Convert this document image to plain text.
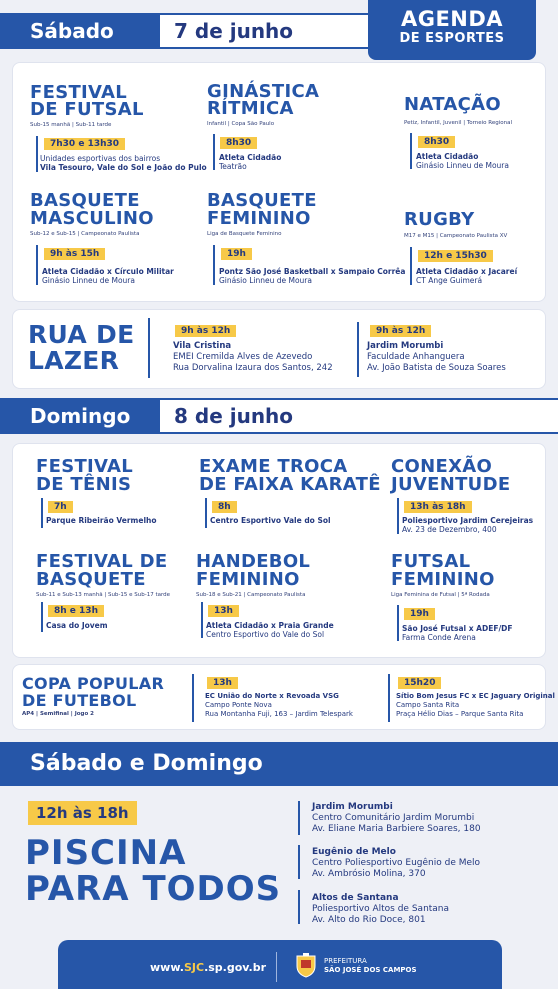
Sábado	7 de junho	AGENDA
DE ESPORTES
FESTIVAL
DE FUTSAL
Sub-15 manhã | Sub-11 tarde
7h30 e 13h30
Unidades esportivas dos bairros
Vila Tesouro, Vale do Sol e João do Pulo
GINÁSTICA
RÍTMICA
Infantil | Copa São Paulo
8h30
Atleta Cidadão
Teatrão
NATAÇÃO
Petiz, Infantil, Juvenil | Torneio Regional
8h30
Atleta Cidadão
Ginásio Linneu de Moura
BASQUETE
MASCULINO
Sub-12 e Sub-15 | Campeonato Paulista
9h às 15h
Atleta Cidadão x Círculo Militar
Ginásio Linneu de Moura
BASQUETE
FEMININO
Liga de Basquete Feminino
19h
Pontz São José Basketball x Sampaio Corrêa
Ginásio Linneu de Moura
RUGBY
M17 e M15 | Campeonato Paulista XV
12h e 15h30
Atleta Cidadão x Jacareí
CT Ange Guimerá
RUA DE
LAZER
9h às 12h
Vila Cristina
EMEI Cremilda Alves de Azevedo
Rua Dorvalina Izaura dos Santos, 242
9h às 12h
Jardim Morumbi
Faculdade Anhanguera
Av. João Batista de Souza Soares
Domingo	8 de junho
FESTIVAL
DE TÊNIS
7h
Parque Ribeirão Vermelho
EXAME TROCA
DE FAIXA KARATÊ
8h
Centro Esportivo Vale do Sol
CONEXÃO
JUVENTUDE
13h às 18h
Poliesportivo Jardim Cerejeiras
Av. 23 de Dezembro, 400
FESTIVAL DE
BASQUETE
Sub-11 e Sub-13 manhã | Sub-15 e Sub-17 tarde
8h e 13h
Casa do Jovem
HANDEBOL
FEMININO
Sub-18 e Sub-21 | Campeonato Paulista
13h
Atleta Cidadão x Praia Grande
Centro Esportivo do Vale do Sol
FUTSAL
FEMININO
Liga Feminina de Futsal | 5ª Rodada
19h
São José Futsal x ADEF/DF
Farma Conde Arena
COPA POPULAR
DE FUTEBOL
AP4 | Semifinal | Jogo 2
13h
EC União do Norte x Revoada VSG
Campo Ponte Nova
Rua Montanha Fuji, 163 – Jardim Telespark
15h20
Sítio Bom Jesus FC x EC Jaguary Original
Campo Santa Rita
Praça Hélio Dias – Parque Santa Rita
Sábado e Domingo
12h às 18h
PISCINA
PARA TODOS
Jardim Morumbi
Centro Comunitário Jardim Morumbi
Av. Eliane Maria Barbiere Soares, 180
Eugênio de Melo
Centro Poliesportivo Eugênio de Melo
Av. Ambrósio Molina, 370
Altos de Santana
Poliesportivo Altos de Santana
Av. Alto do Rio Doce, 801
www.SJC.sp.gov.br	PREFEITURA
SÃO JOSÉ DOS CAMPOS
